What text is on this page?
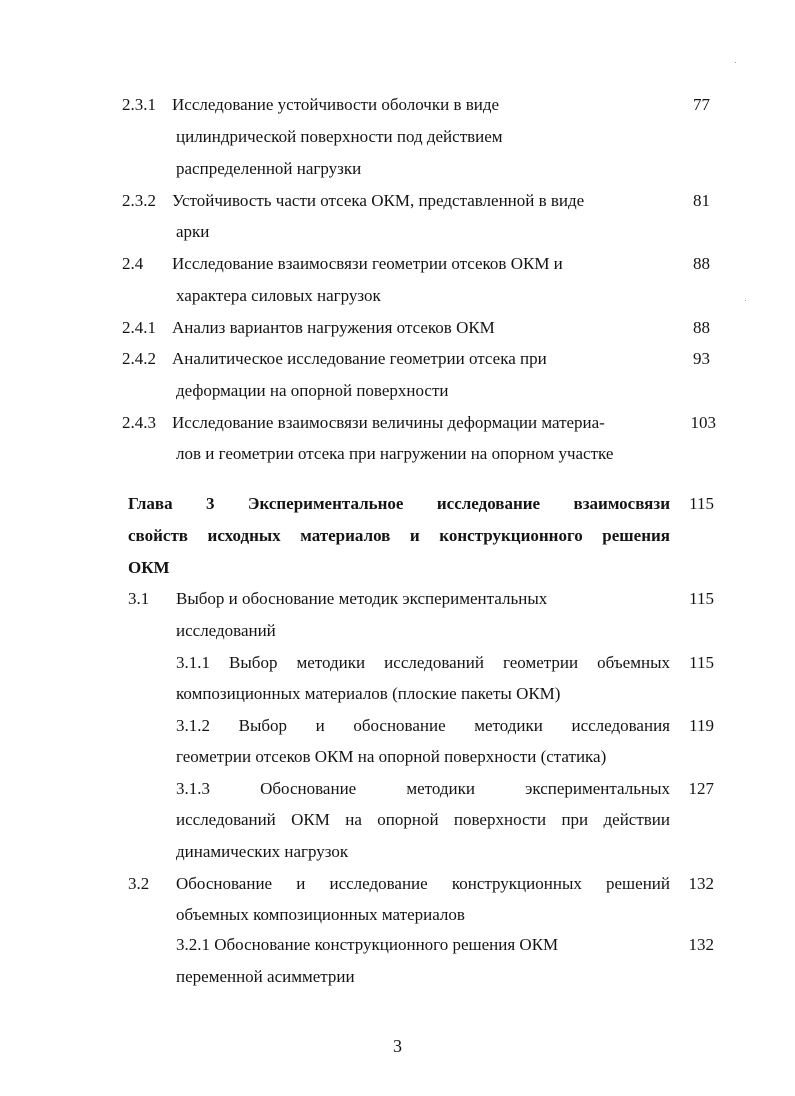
2.3.1 Исследование устойчивости оболочки в виде
цилиндрической поверхности под действием
распределенной нагрузки
77
2.3.2 Устойчивость части отсека ОКМ, представленной в виде
арки
81
2.4 Исследование взаимосвязи геометрии отсеков ОКМ и
характера силовых нагрузок
88
2.4.1 Анализ вариантов нагружения отсеков ОКМ	88
2.4.2 Аналитическое исследование геометрии отсека при
деформации на опорной поверхности
93
2.4.3 Исследование взаимосвязи величины деформации материа-
лов и геометрии отсека при нагружении на опорном участке
103
Глава 3 Экспериментальное исследование взаимосвязи
свойств исходных материалов и конструкционного решения
ОКМ
115
3.1 Выбор и обоснование методик экспериментальных
исследований
115
3.1.1 Выбор методики исследований геометрии объемных
композиционных материалов (плоские пакеты ОКМ)
115
3.1.2 Выбор и обоснование методики исследования
геометрии отсеков ОКМ на опорной поверхности (статика)
119
3.1.3 Обоснование методики экспериментальных
исследований ОКМ на опорной поверхности при действии
динамических нагрузок
127
3.2 Обоснование и исследование конструкционных решений
объемных композиционных материалов
132
3.2.1 Обоснование конструкционного решения ОКМ
переменной асимметрии
132
3
